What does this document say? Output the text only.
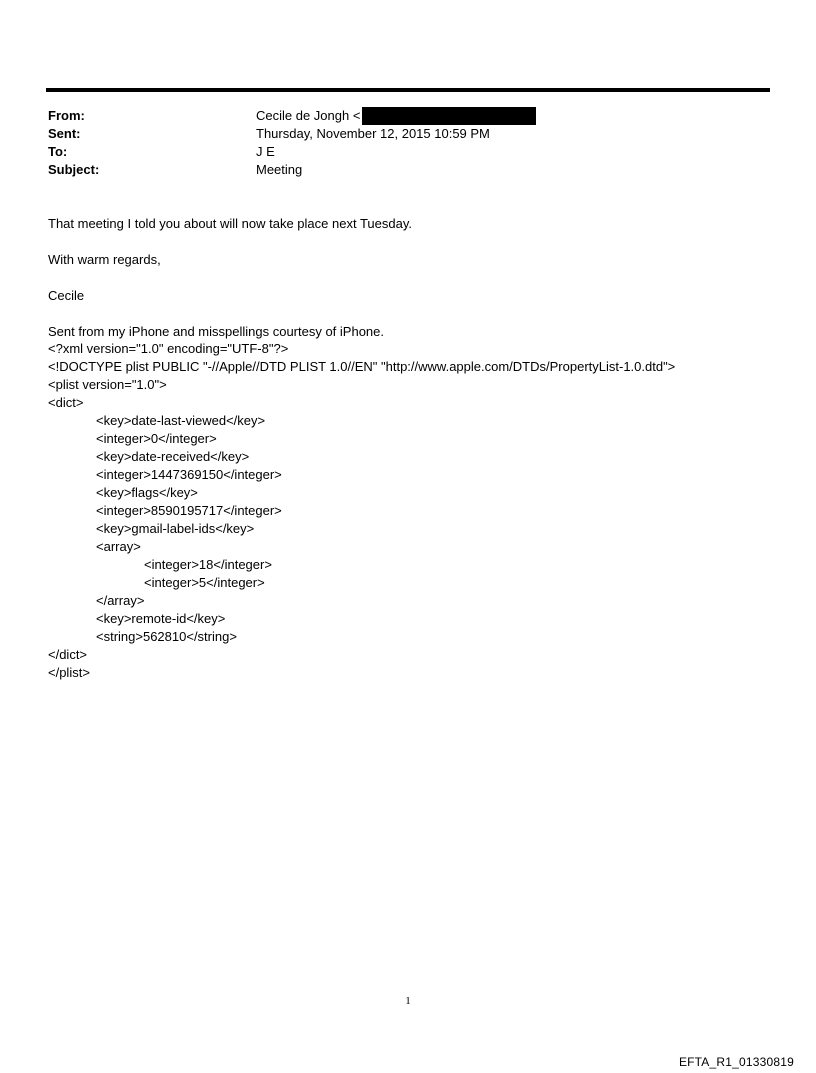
From:	Cecile de Jongh <
Sent:	Thursday, November 12, 2015 10:59 PM
To:	J E
Subject:	Meeting
That meeting I told you about will now take place next Tuesday.
With warm regards,
Cecile
Sent from my iPhone and misspellings courtesy of iPhone.
<?xml version="1.0" encoding="UTF-8"?>
<!DOCTYPE plist PUBLIC "-//Apple//DTD PLIST 1.0//EN" "http://www.apple.com/DTDs/PropertyList-1.0.dtd">
<plist version="1.0">
<dict>
<key>date-last-viewed</key>
<integer>0</integer>
<key>date-received</key>
<integer>1447369150</integer>
<key>flags</key>
<integer>8590195717</integer>
<key>gmail-label-ids</key>
<array>
<integer>18</integer>
<integer>5</integer>
</array>
<key>remote-id</key>
<string>562810</string>
</dict>
</plist>
1
EFTA_R1_01330819
